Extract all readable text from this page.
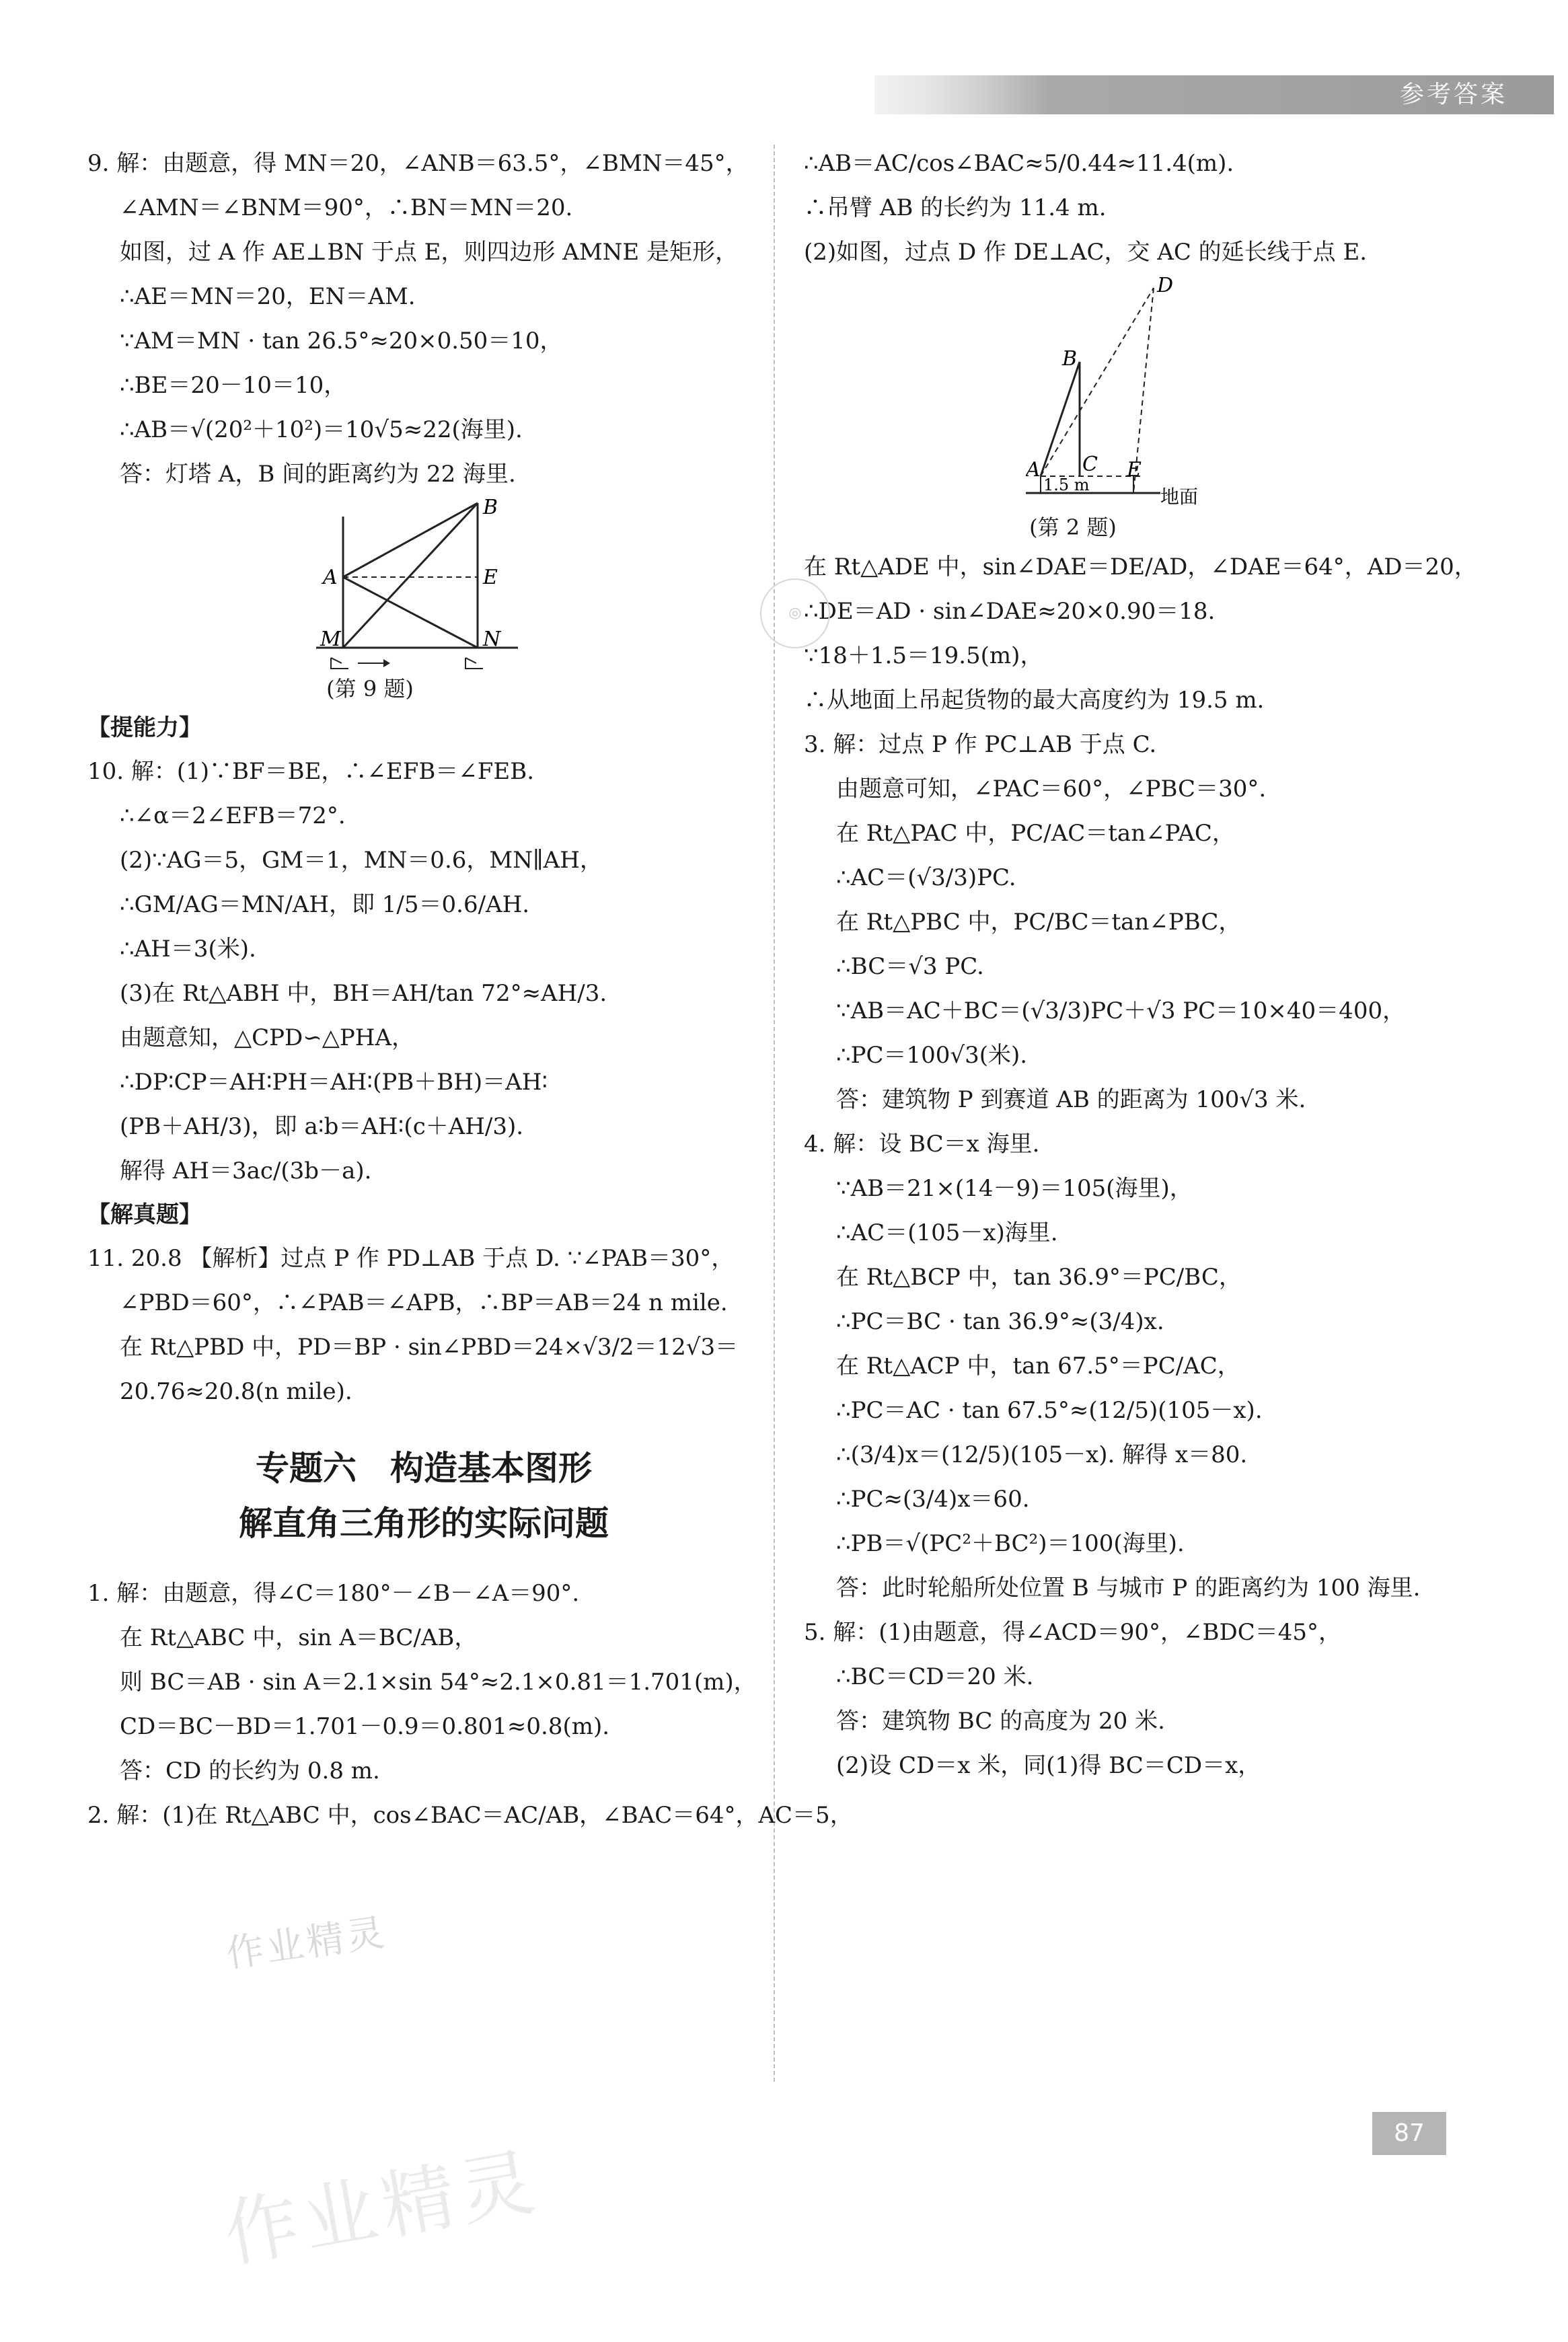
参考答案
9. 解：由题意，得 MN＝20，∠ANB＝63.5°，∠BMN＝45°，
∠AMN＝∠BNM＝90°，∴BN＝MN＝20.
如图，过 A 作 AE⊥BN 于点 E，则四边形 AMNE 是矩形，
∴AE＝MN＝20，EN＝AM.
∵AM＝MN · tan 26.5°≈20×0.50＝10，
∴BE＝20－10＝10，
∴AB＝√(20²＋10²)＝10√5≈22(海里).
答：灯塔 A，B 间的距离约为 22 海里.
B
A	E
M	N
(第 9 题)
【提能力】
10. 解：(1)∵BF＝BE，∴∠EFB＝∠FEB.
∴∠α＝2∠EFB＝72°.
(2)∵AG＝5，GM＝1，MN＝0.6，MN∥AH，
∴GM/AG＝MN/AH，即 1/5＝0.6/AH.
∴AH＝3(米).
(3)在 Rt△ABH 中，BH＝AH/tan 72°≈AH/3.
由题意知，△CPD∽△PHA，
∴DP∶CP＝AH∶PH＝AH∶(PB＋BH)＝AH∶
(PB＋AH/3)，即 a∶b＝AH∶(c＋AH/3).
解得 AH＝3ac/(3b－a).
【解真题】
11. 20.8 【解析】过点 P 作 PD⊥AB 于点 D. ∵∠PAB＝30°，
∠PBD＝60°，∴∠PAB＝∠APB，∴BP＝AB＝24 n mile.
在 Rt△PBD 中，PD＝BP · sin∠PBD＝24×√3/2＝12√3＝
20.76≈20.8(n mile).
专题六　构造基本图形
解直角三角形的实际问题
1. 解：由题意，得∠C＝180°－∠B－∠A＝90°.
在 Rt△ABC 中，sin A＝BC/AB，
则 BC＝AB · sin A＝2.1×sin 54°≈2.1×0.81＝1.701(m)，
CD＝BC－BD＝1.701－0.9＝0.801≈0.8(m).
答：CD 的长约为 0.8 m.
2. 解：(1)在 Rt△ABC 中，cos∠BAC＝AC/AB，∠BAC＝64°，AC＝5，
∴AB＝AC/cos∠BAC≈5/0.44≈11.4(m).
∴吊臂 AB 的长约为 11.4 m.
(2)如图，过点 D 作 DE⊥AC，交 AC 的延长线于点 E.
D
B
A C E
1.5 m
地面
(第 2 题)
在 Rt△ADE 中，sin∠DAE＝DE/AD，∠DAE＝64°，AD＝20，
∴DE＝AD · sin∠DAE≈20×0.90＝18.
∵18＋1.5＝19.5(m)，
∴从地面上吊起货物的最大高度约为 19.5 m.
3. 解：过点 P 作 PC⊥AB 于点 C.
由题意可知，∠PAC＝60°，∠PBC＝30°.
在 Rt△PAC 中，PC/AC＝tan∠PAC，
∴AC＝(√3/3)PC.
在 Rt△PBC 中，PC/BC＝tan∠PBC，
∴BC＝√3 PC.
∵AB＝AC＋BC＝(√3/3)PC＋√3 PC＝10×40＝400，
∴PC＝100√3(米).
答：建筑物 P 到赛道 AB 的距离为 100√3 米.
4. 解：设 BC＝x 海里.
∵AB＝21×(14－9)＝105(海里)，
∴AC＝(105－x)海里.
在 Rt△BCP 中，tan 36.9°＝PC/BC，
∴PC＝BC · tan 36.9°≈(3/4)x.
在 Rt△ACP 中，tan 67.5°＝PC/AC，
∴PC＝AC · tan 67.5°≈(12/5)(105－x).
∴(3/4)x＝(12/5)(105－x). 解得 x＝80.
∴PC≈(3/4)x＝60.
∴PB＝√(PC²＋BC²)＝100(海里).
答：此时轮船所处位置 B 与城市 P 的距离约为 100 海里.
5. 解：(1)由题意，得∠ACD＝90°，∠BDC＝45°，
∴BC＝CD＝20 米.
答：建筑物 BC 的高度为 20 米.
(2)设 CD＝x 米，同(1)得 BC＝CD＝x，
◎
作业精灵
作业精灵
87
